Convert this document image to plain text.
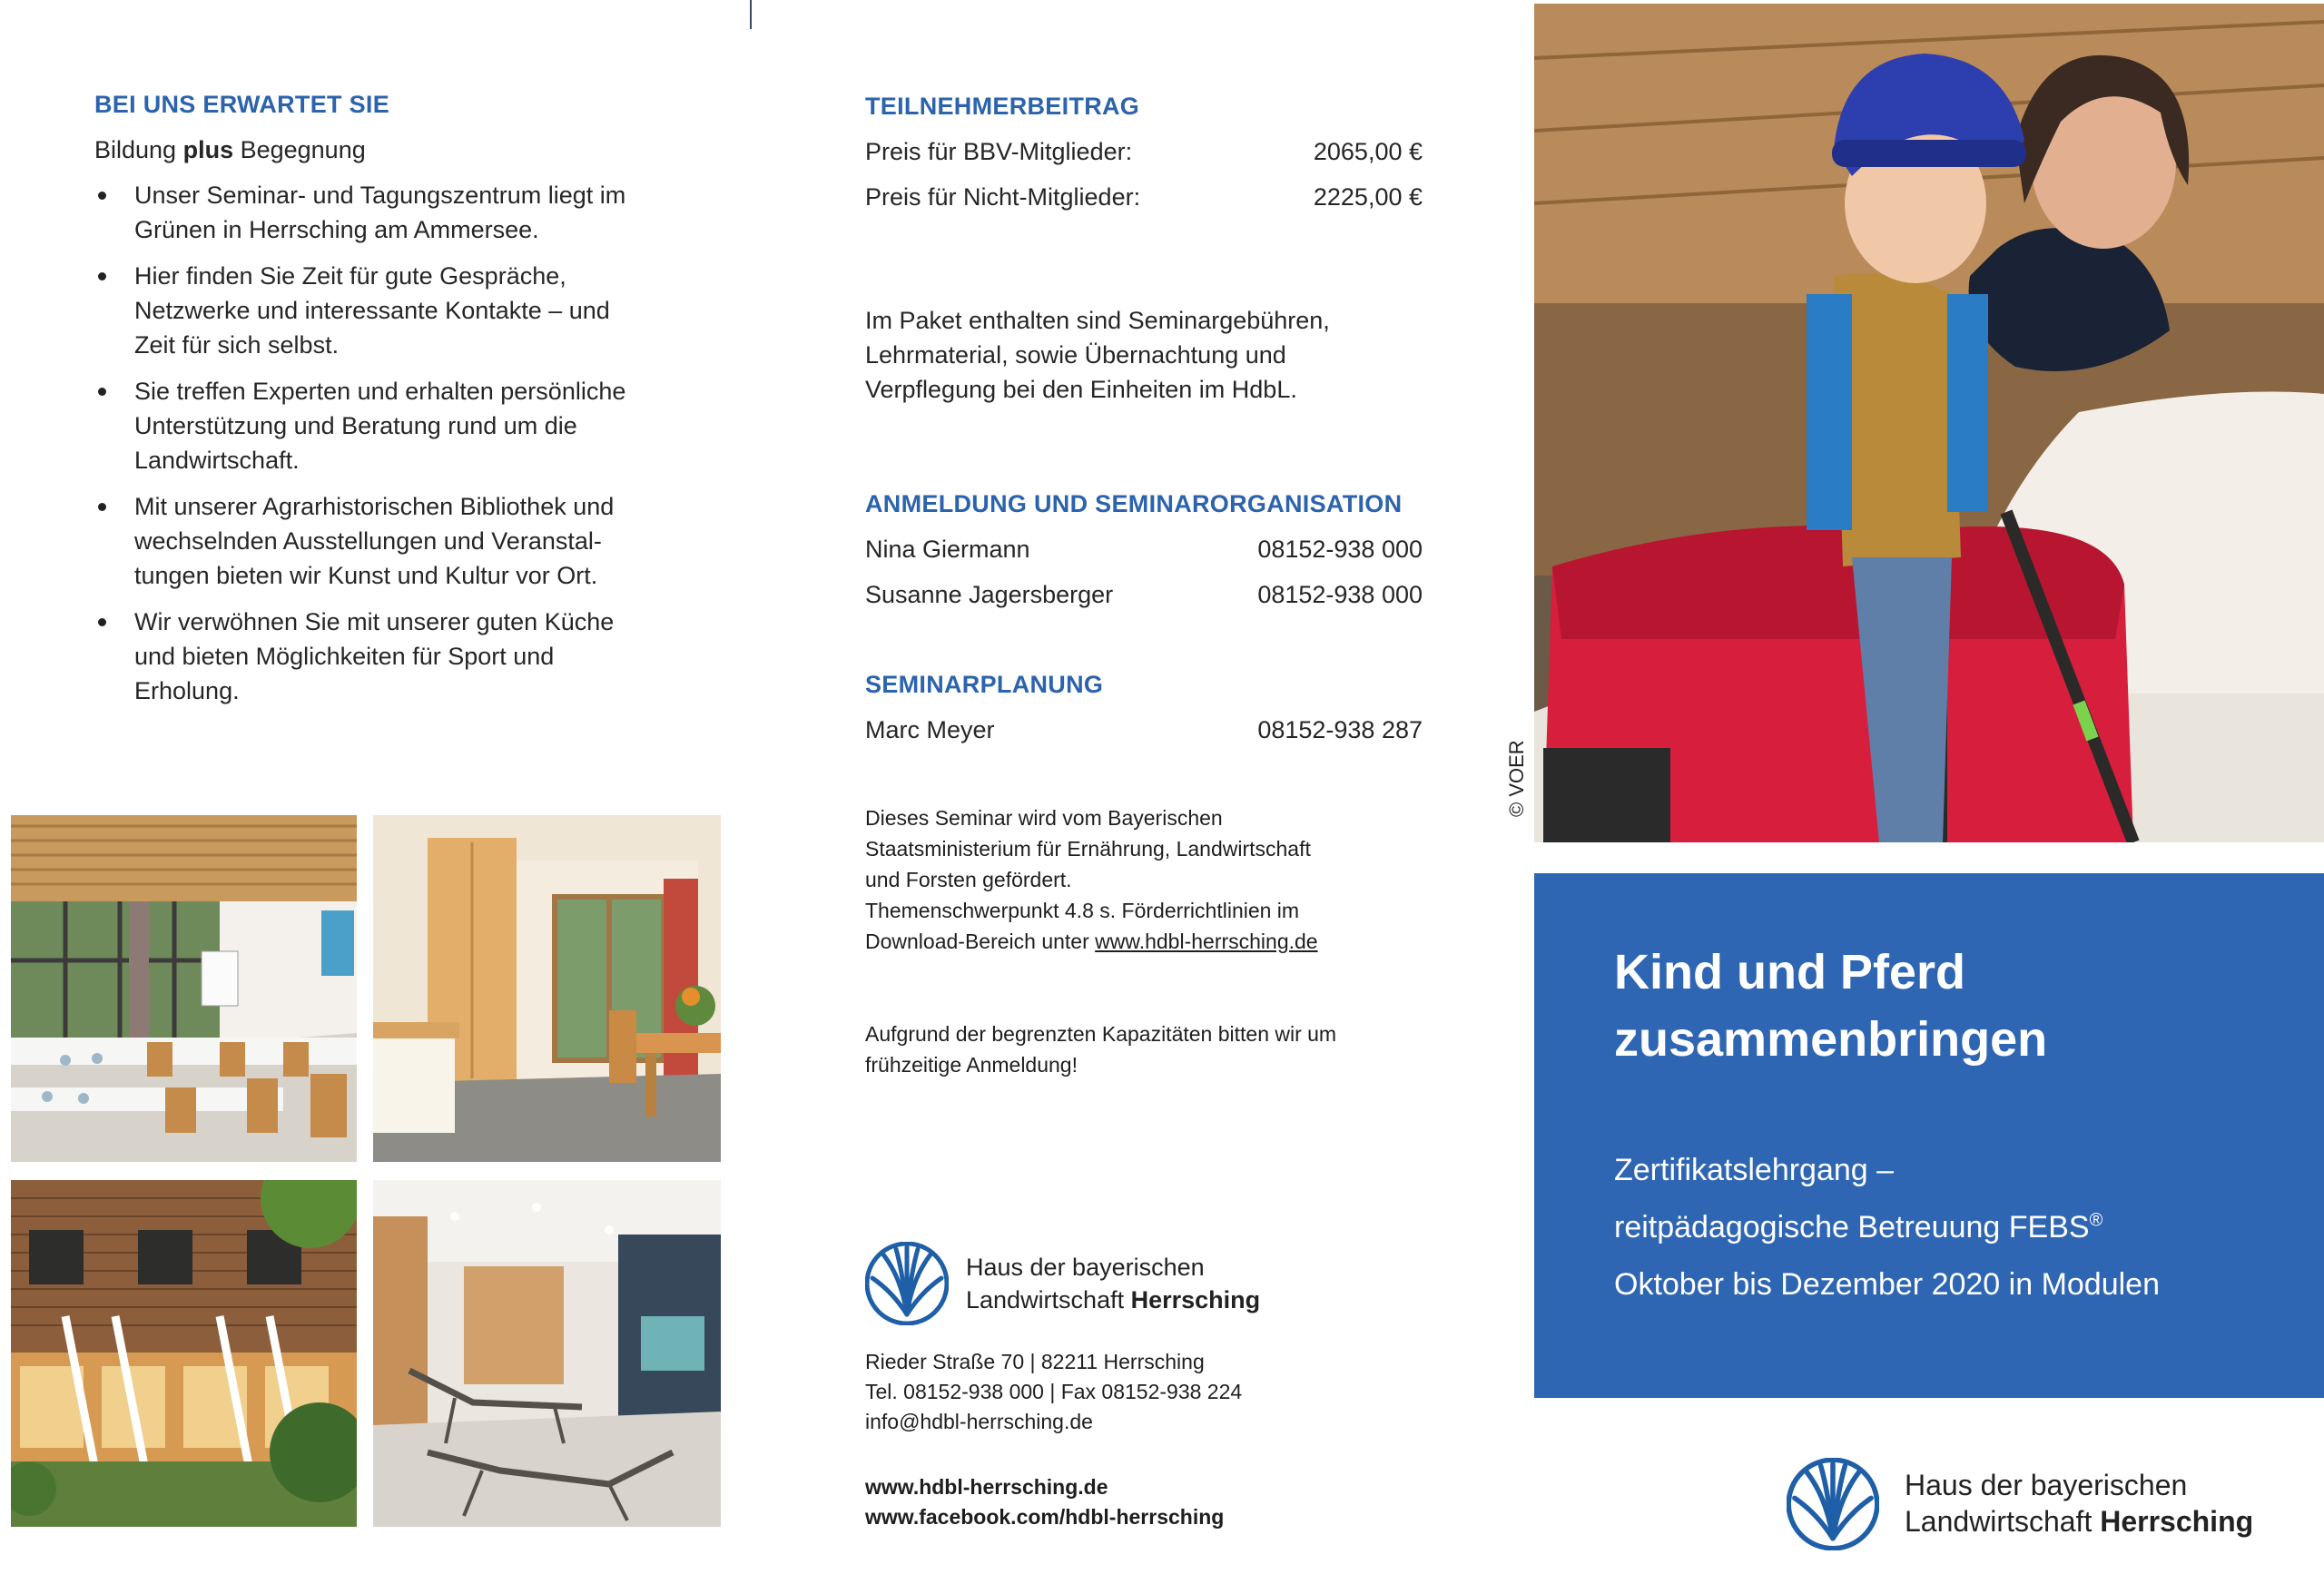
BEI UNS ERWARTET SIE
Bildung plus Begegnung
Unser Seminar- und Tagungszentrum liegt im
Grünen in Herrsching am Ammersee.
Hier finden Sie Zeit für gute Gespräche,
Netzwerke und interessante Kontakte – und
Zeit für sich selbst.
Sie treffen Experten und erhalten persönliche
Unterstützung und Beratung rund um die
Landwirtschaft.
Mit unserer Agrarhistorischen Bibliothek und
wechselnden Ausstellungen und Veranstal-
tungen bieten wir Kunst und Kultur vor Ort.
Wir verwöhnen Sie mit unserer guten Küche
und bieten Möglichkeiten für Sport und
Erholung.
TEILNEHMERBEITRAG
Preis für BBV-Mitglieder:	2065,00 €
Preis für Nicht-Mitglieder:	2225,00 €
Im Paket enthalten sind Seminargebühren,
Lehrmaterial, sowie Übernachtung und
Verpflegung bei den Einheiten im HdbL.
ANMELDUNG UND SEMINARORGANISATION
Nina Giermann	08152-938 000
Susanne Jagersberger	08152-938 000
SEMINARPLANUNG
Marc Meyer	08152-938 287
Dieses Seminar wird vom Bayerischen
Staatsministerium für Ernährung, Landwirtschaft
und Forsten gefördert.
Themenschwerpunkt 4.8 s. Förderrichtlinien im
Download-Bereich unter www.hdbl-herrsching.de
Aufgrund der begrenzten Kapazitäten bitten wir um
frühzeitige Anmeldung!
Haus der bayerischen
Landwirtschaft Herrsching
Rieder Straße 70 | 82211 Herrsching
Tel. 08152-938 000 | Fax 08152-938 224
info@hdbl-herrsching.de
www.hdbl-herrsching.de
www.facebook.com/hdbl-herrsching
© VOER
Kind und Pferd
zusammenbringen
Zertifikatslehrgang –
reitpädagogische Betreuung FEBS®
Oktober bis Dezember 2020 in Modulen
Haus der bayerischen
Landwirtschaft Herrsching
